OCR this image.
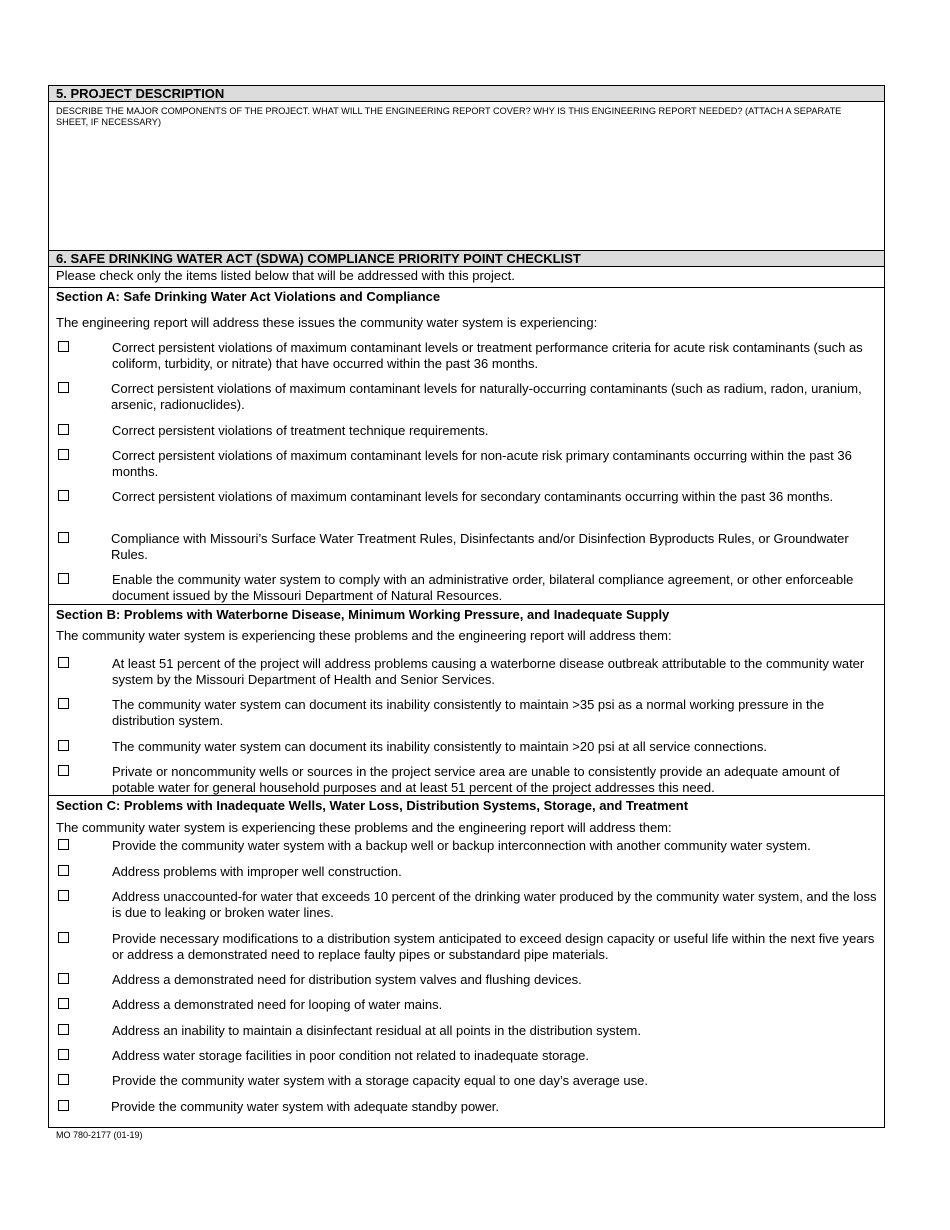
5. PROJECT DESCRIPTION
DESCRIBE THE MAJOR COMPONENTS OF THE PROJECT. WHAT WILL THE ENGINEERING REPORT COVER? WHY IS THIS ENGINEERING REPORT NEEDED? (ATTACH A SEPARATE SHEET, IF NECESSARY)
6. SAFE DRINKING WATER ACT (SDWA) COMPLIANCE PRIORITY POINT CHECKLIST
Please check only the items listed below that will be addressed with this project.
Section A: Safe Drinking Water Act Violations and Compliance
The engineering report will address these issues the community water system is experiencing:
Correct persistent violations of maximum contaminant levels or treatment performance criteria for acute risk contaminants (such as coliform, turbidity, or nitrate) that have occurred within the past 36 months.
Correct persistent violations of maximum contaminant levels for naturally-occurring contaminants (such as radium, radon, uranium, arsenic, radionuclides).
Correct persistent violations of treatment technique requirements.
Correct persistent violations of maximum contaminant levels for non-acute risk primary contaminants occurring within the past 36 months.
Correct persistent violations of maximum contaminant levels for secondary contaminants occurring within the past 36 months.
Compliance with Missouri’s Surface Water Treatment Rules, Disinfectants and/or Disinfection Byproducts Rules, or Groundwater Rules.
Enable the community water system to comply with an administrative order, bilateral compliance agreement, or other enforceable document issued by the Missouri Department of Natural Resources.
Section B: Problems with Waterborne Disease, Minimum Working Pressure, and Inadequate Supply
The community water system is experiencing these problems and the engineering report will address them:
At least 51 percent of the project will address problems causing a waterborne disease outbreak attributable to the community water system by the Missouri Department of Health and Senior Services.
The community water system can document its inability consistently to maintain >35 psi as a normal working pressure in the distribution system.
The community water system can document its inability consistently to maintain >20 psi at all service connections.
Private or noncommunity wells or sources in the project service area are unable to consistently provide an adequate amount of potable water for general household purposes and at least 51 percent of the project addresses this need.
Section C: Problems with Inadequate Wells, Water Loss, Distribution Systems, Storage, and Treatment
The community water system is experiencing these problems and the engineering report will address them:
Provide the community water system with a backup well or backup interconnection with another community water system.
Address problems with improper well construction.
Address unaccounted-for water that exceeds 10 percent of the drinking water produced by the community water system, and the loss is due to leaking or broken water lines.
Provide necessary modifications to a distribution system anticipated to exceed design capacity or useful life within the next five years or address a demonstrated need to replace faulty pipes or substandard pipe materials.
Address a demonstrated need for distribution system valves and flushing devices.
Address a demonstrated need for looping of water mains.
Address an inability to maintain a disinfectant residual at all points in the distribution system.
Address water storage facilities in poor condition not related to inadequate storage.
Provide the community water system with a storage capacity equal to one day’s average use.
Provide the community water system with adequate standby power.
MO 780-2177 (01-19)
